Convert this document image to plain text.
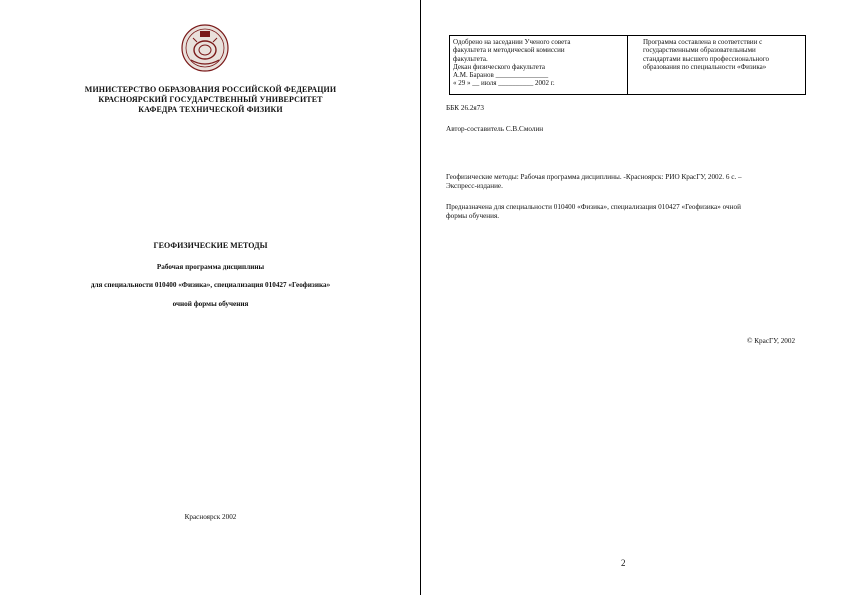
МИНИСТЕРСТВО ОБРАЗОВАНИЯ РОССИЙСКОЙ ФЕДЕРАЦИИ
КРАСНОЯРСКИЙ ГОСУДАРСТВЕННЫЙ УНИВЕРСИТЕТ
КАФЕДРА ТЕХНИЧЕСКОЙ ФИЗИКИ
ГЕОФИЗИЧЕСКИЕ МЕТОДЫ
Рабочая программа дисциплины
для специальности 010400 «Физика», специализация 010427 «Геофизика»
очной формы обучения
Красноярск 2002
Одобрено на заседании Ученого совета
факультета и методической комиссии
факультета.
Декан физического факультета
А.М. Баранов _______________
« 29 » __ июля __________ 2002 г.
Программа составлена в соответствии с
государственными образовательными
стандартами высшего профессионального
образования по специальности «Физика»
ББК 26.2я73
Автор-составитель С.В.Смолин
Геофизические методы: Рабочая программа дисциплины. -Красноярск: РИО КрасГУ, 2002. 6 с. –
Экспресс-издание.
Предназначена для специальности 010400 «Физика», специализация 010427 «Геофизика» очной
формы обучения.
© КрасГУ, 2002
2
